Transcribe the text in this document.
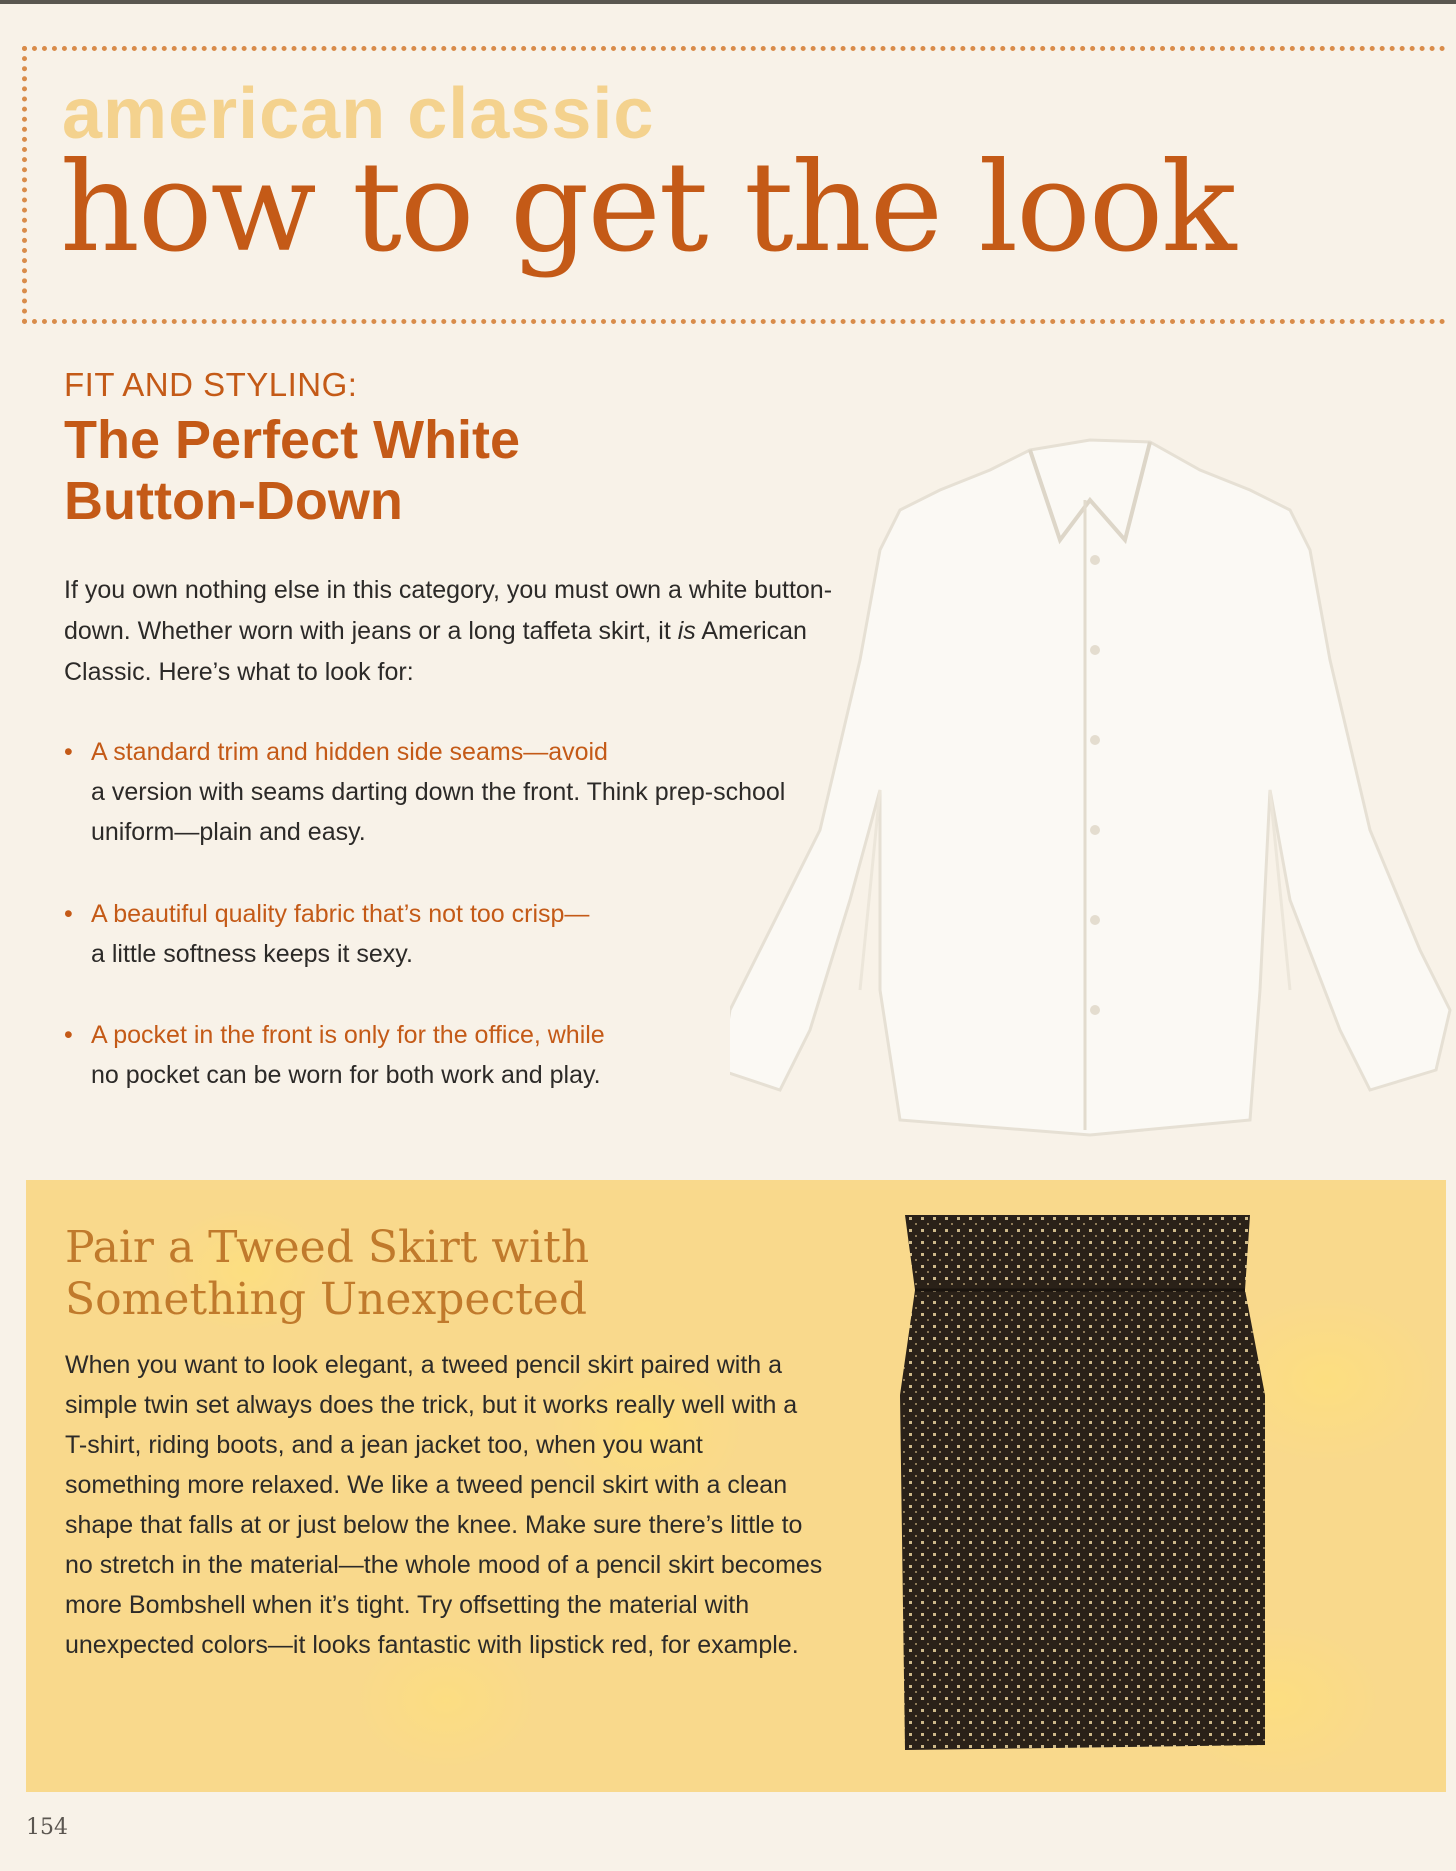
american classic
how to get the look
FIT AND STYLING:
The Perfect White Button-Down

If you own nothing else in this category, you must own a white button-down. Whether worn with jeans or a long taffeta skirt, it is American Classic. Here’s what to look for:

• A standard trim and hidden side seams—avoid
a version with seams darting down the front. Think prep-school uniform—plain and easy.
• A beautiful quality fabric that’s not too crisp—
a little softness keeps it sexy.
• A pocket in the front is only for the office, while
no pocket can be worn for both work and play.
Pair a Tweed Skirt with Something Unexpected

When you want to look elegant, a tweed pencil skirt paired with a simple twin set always does the trick, but it works really well with a T-shirt, riding boots, and a jean jacket too, when you want something more relaxed. We like a tweed pencil skirt with a clean shape that falls at or just below the knee. Make sure there’s little to no stretch in the material—the whole mood of a pencil skirt becomes more Bombshell when it’s tight. Try offsetting the material with unexpected colors—it looks fantastic with lipstick red, for example.

154
